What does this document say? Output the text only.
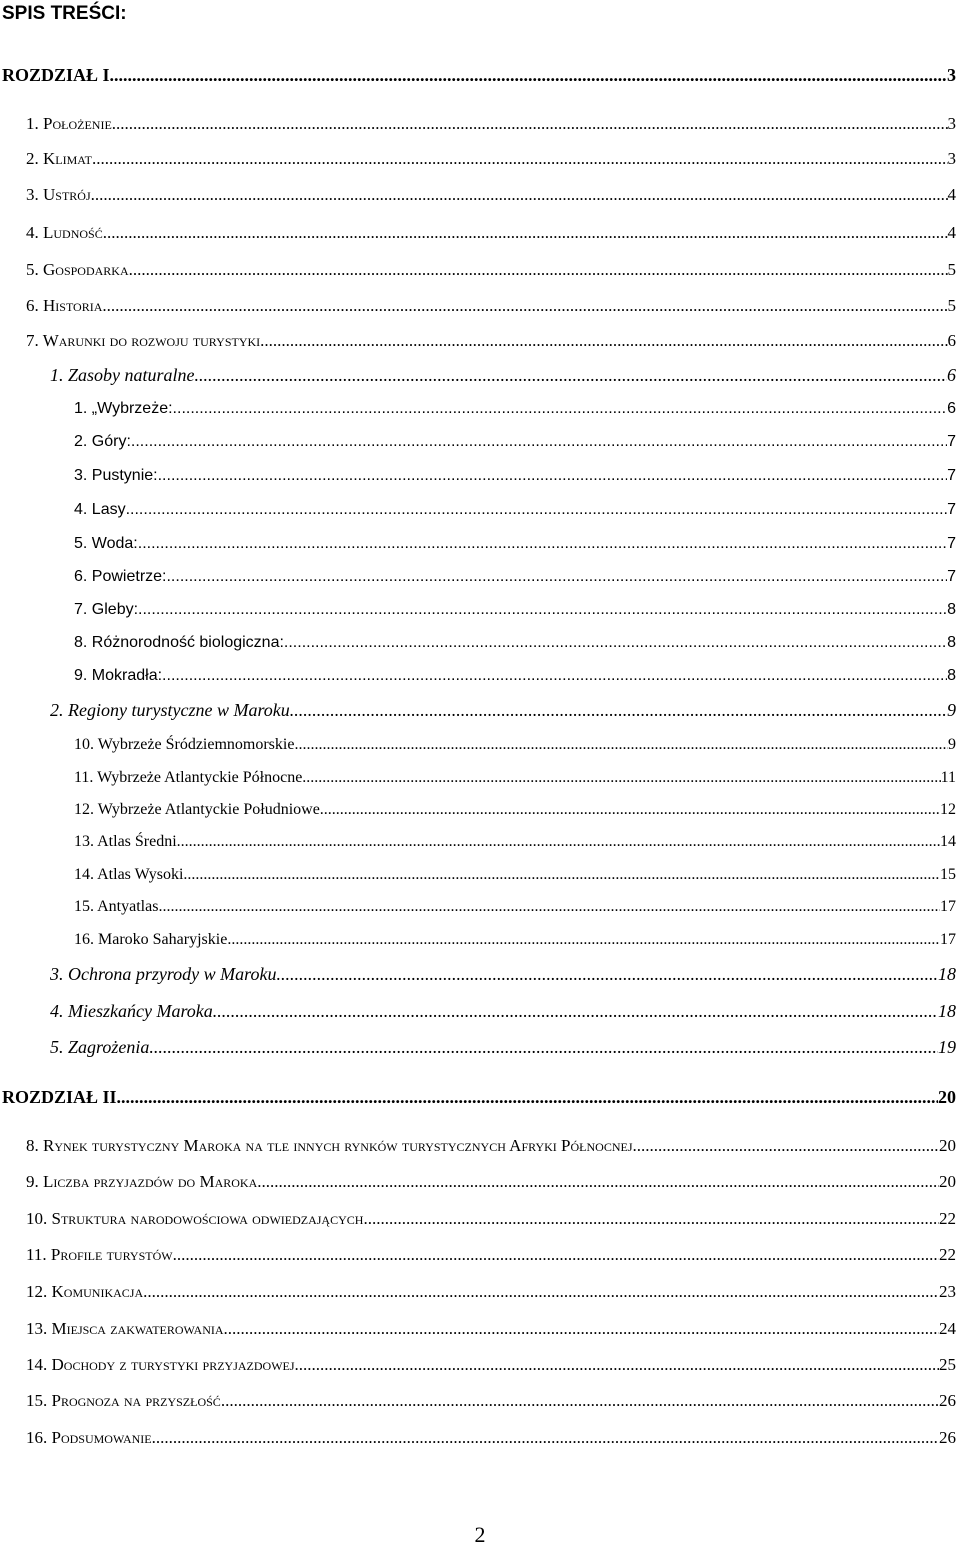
SPIS TREŚCI:
ROZDZIAŁ I .....	3
1. Położenie .....	3
2. Klimat .....	3
3. Ustrój .....	4
4. Ludność .....	4
5. Gospodarka .....	5
6. Historia .....	5
7. Warunki do rozwoju turystyki .....	6
1. Zasoby naturalne .....	6
1. „Wybrzeże: .....	6
2. Góry: .....	7
3. Pustynie: .....	7
4. Lasy .....	7
5. Woda: .....	7
6. Powietrze: .....	7
7. Gleby: .....	8
8. Różnorodność biologiczna: .....	8
9. Mokradła: .....	8
2. Regiony turystyczne w Maroku .....	9
10. Wybrzeże Śródziemnomorskie .....	9
11. Wybrzeże Atlantyckie Północne .....	11
12. Wybrzeże Atlantyckie Południowe .....	12
13. Atlas Średni .....	14
14. Atlas Wysoki .....	15
15. Antyatlas .....	17
16. Maroko Saharyjskie .....	17
3. Ochrona przyrody w Maroku .....	18
4. Mieszkańcy Maroka .....	18
5. Zagrożenia .....	19
ROZDZIAŁ II .....	20
8. Rynek turystyczny Maroka na tle innych rynków turystycznych Afryki Północnej .....	20
9. Liczba przyjazdów do Maroka .....	20
10. Struktura narodowościowa odwiedzających .....	22
11. Profile turystów .....	22
12. Komunikacja .....	23
13. Miejsca zakwaterowania .....	24
14. Dochody z turystyki przyjazdowej .....	25
15. Prognoza na przyszłość .....	26
16. Podsumowanie .....	26
2
